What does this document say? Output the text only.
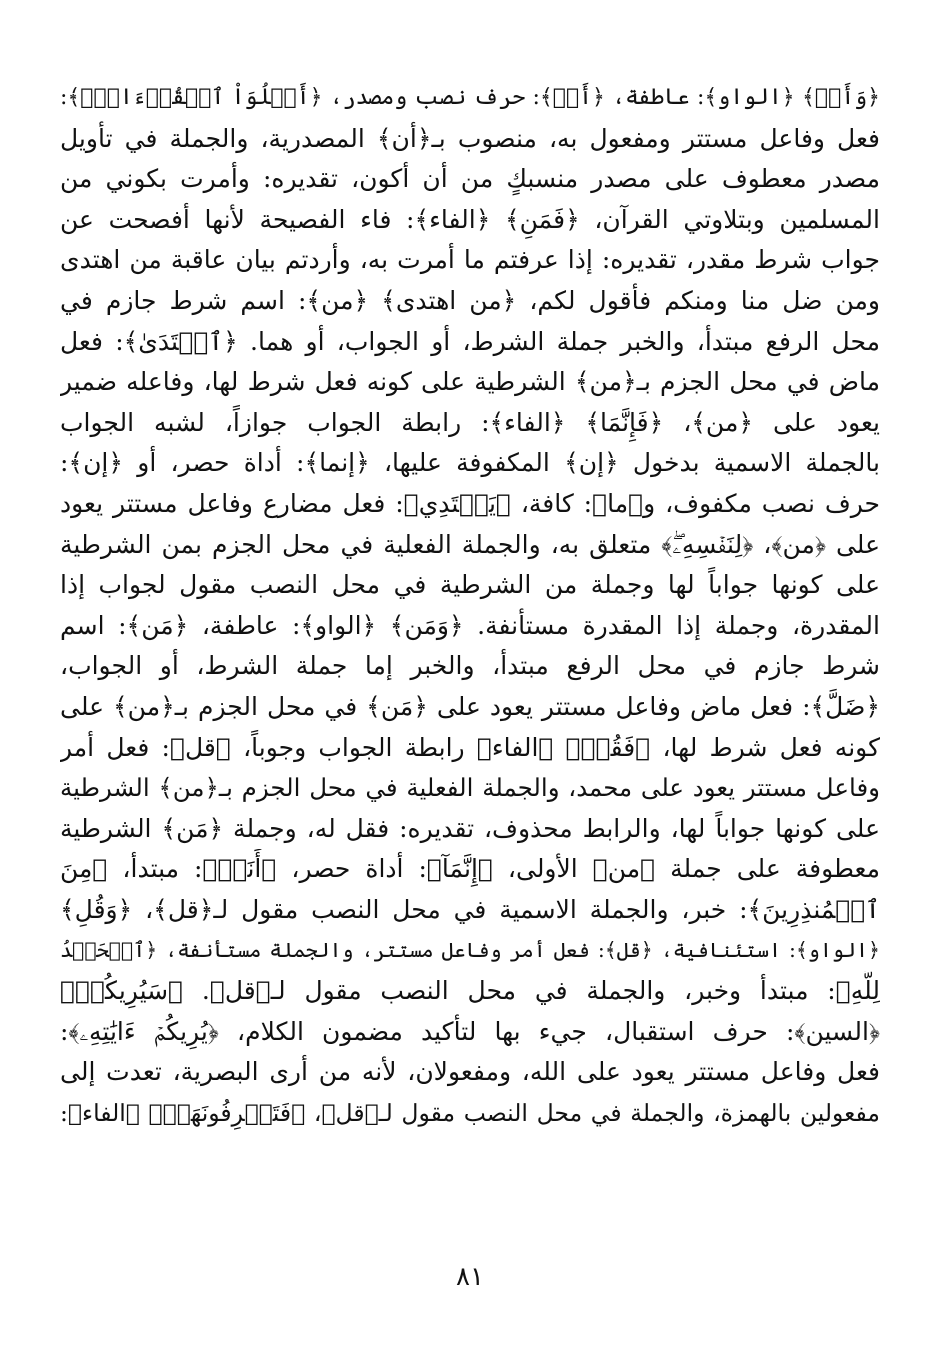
﴿وَأَنۡ﴾ ﴿الواو﴾: عاطفة، ﴿أَنۡ﴾: حرف نصب ومصدر، ﴿أَتۡلُوَاْ ٱلۡقُرۡءَانَۖ﴾:
فعل وفاعل مستتر ومفعول به، منصوب بـ﴿أن﴾ المصدرية، والجملة في تأويل
مصدر معطوف على مصدر منسبكٍ من أن أكون، تقديره: وأمرت بكوني من
المسلمين وبتلاوتي القرآن، ﴿فَمَنِ﴾ ﴿الفاء﴾: فاء الفصيحة لأنها أفصحت عن
جواب شرط مقدر، تقديره: إذا عرفتم ما أمرت به، وأردتم بيان عاقبة من اهتدى
ومن ضل منا ومنكم فأقول لكم، ﴿من اهتدى﴾ ﴿من﴾: اسم شرط جازم في
محل الرفع مبتدأ، والخبر جملة الشرط، أو الجواب، أو هما. ﴿ٱهۡتَدَىٰ﴾: فعل
ماض في محل الجزم بـ﴿من﴾ الشرطية على كونه فعل شرط لها، وفاعله ضمير
يعود على ﴿من﴾، ﴿فَإِنَّمَا﴾ ﴿الفاء﴾: رابطة الجواب جوازاً، لشبه الجواب
بالجملة الاسمية بدخول ﴿إن﴾ المكفوفة عليها، ﴿إنما﴾: أداة حصر، أو ﴿إن﴾:
حرف نصب مكفوف، و﴿ما﴾: كافة، ﴿يَهۡتَدِي﴾: فعل مضارع وفاعل مستتر يعود
على ﴿من﴾، ﴿لِنَفۡسِهِۦۖ﴾ متعلق به، والجملة الفعلية في محل الجزم بمن الشرطية
على كونها جواباً لها وجملة من الشرطية في محل النصب مقول لجواب إذا
المقدرة، وجملة إذا المقدرة مستأنفة. ﴿وَمَن﴾ ﴿الواو﴾: عاطفة، ﴿مَن﴾: اسم
شرط جازم في محل الرفع مبتدأ، والخبر إما جملة الشرط، أو الجواب،
﴿ضَلَّ﴾: فعل ماض وفاعل مستتر يعود على ﴿مَن﴾ في محل الجزم بـ﴿من﴾ على
كونه فعل شرط لها، ﴿فَقُلۡ﴾ ﴿الفاء﴾ رابطة الجواب وجوباً، ﴿قل﴾: فعل أمر
وفاعل مستتر يعود على محمد، والجملة الفعلية في محل الجزم بـ﴿من﴾ الشرطية
على كونها جواباً لها، والرابط محذوف، تقديره: فقل له، وجملة ﴿مَن﴾ الشرطية
معطوفة على جملة ﴿من﴾ الأولى، ﴿إِنَّمَآ﴾: أداة حصر، ﴿أَنَا۠﴾: مبتدأ، ﴿مِنَ
ٱلۡمُنذِرِينَ﴾: خبر، والجملة الاسمية في محل النصب مقول لـ﴿قل﴾، ﴿وَقُلِ﴾
﴿الواو﴾: استئنافية، ﴿قل﴾: فعل أمر وفاعل مستتر، والجملة مستأنفة، ﴿ٱلۡحَمۡدُ
لِلَّهِ﴾: مبتدأ وخبر، والجملة في محل النصب مقول لـ﴿قل﴾. ﴿سَيُرِيكُمۡ﴾
﴿السين﴾: حرف استقبال، جيء بها لتأكيد مضمون الكلام، ﴿يُرِيكُمۡ ءَايَٰتِهِۦ﴾:
فعل وفاعل مستتر يعود على الله، ومفعولان، لأنه من أرى البصرية، تعدت إلى
مفعولين بالهمزة، والجملة في محل النصب مقول لـ﴿قل﴾، ﴿فَتَعۡرِفُونَهَاۚ﴾ ﴿الفاء﴾:
٨١
